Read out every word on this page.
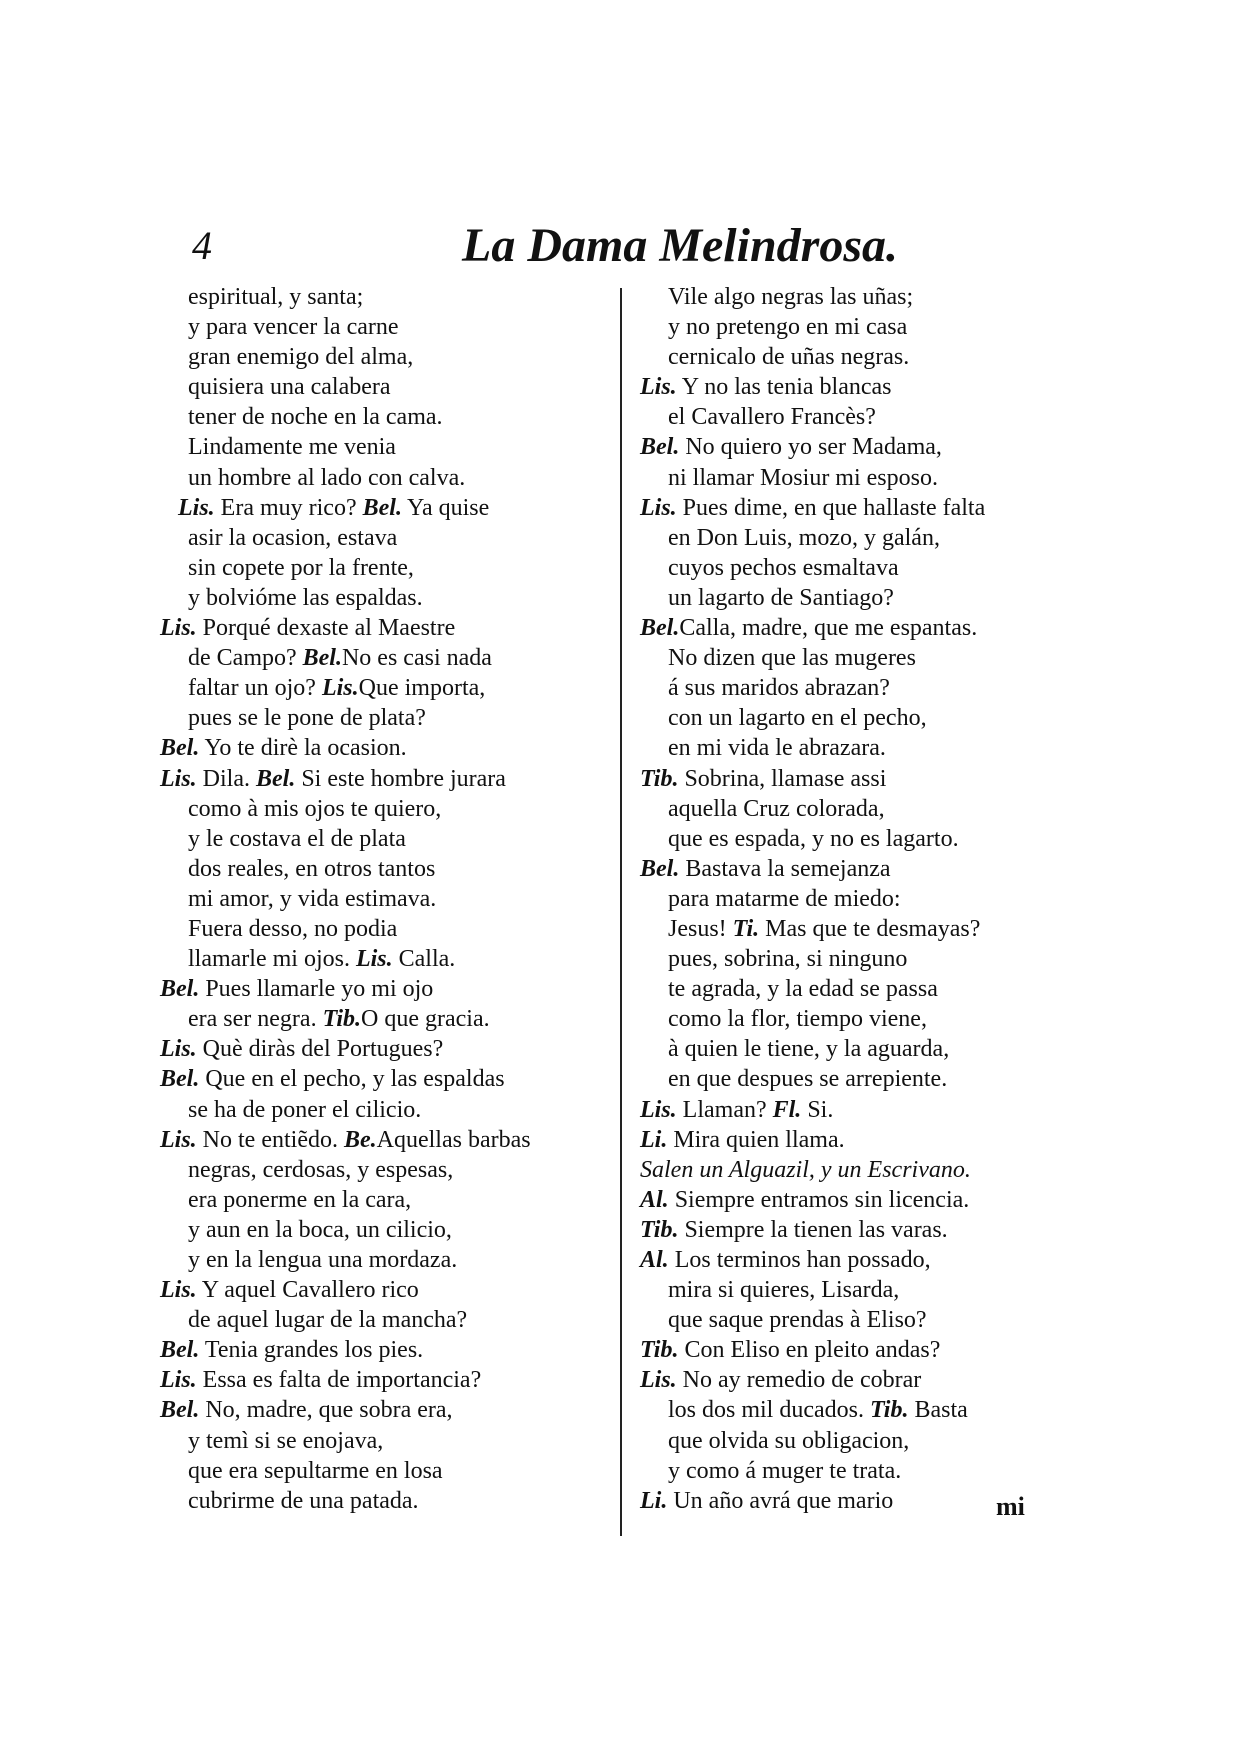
4	La Dama Melindrosa.
espiritual, y santa;
y para vencer la carne
gran enemigo del alma,
quisiera una calabera
tener de noche en la cama.
Lindamente me venia
un hombre al lado con calva.
Lis. Era muy rico? Bel. Ya quise
asir la ocasion, estava
sin copete por la frente,
y bolvióme las espaldas.
Lis. Porqué dexaste al Maestre
de Campo? Bel.No es casi nada
faltar un ojo? Lis.Que importa,
pues se le pone de plata?
Bel. Yo te dirè la ocasion.
Lis. Dila. Bel. Si este hombre jurara
como à mis ojos te quiero,
y le costava el de plata
dos reales, en otros tantos
mi amor, y vida estimava.
Fuera desso, no podia
llamarle mi ojos. Lis. Calla.
Bel. Pues llamarle yo mi ojo
era ser negra. Tib.O que gracia.
Lis. Què diràs del Portugues?
Bel. Que en el pecho, y las espaldas
se ha de poner el cilicio.
Lis. No te entiẽdo. Be.Aquellas barbas
negras, cerdosas, y espesas,
era ponerme en la cara,
y aun en la boca, un cilicio,
y en la lengua una mordaza.
Lis. Y aquel Cavallero rico
de aquel lugar de la mancha?
Bel. Tenia grandes los pies.
Lis. Essa es falta de importancia?
Bel. No, madre, que sobra era,
y temì si se enojava,
que era sepultarme en losa
cubrirme de una patada.
Vile algo negras las uñas;
y no pretengo en mi casa
cernicalo de uñas negras.
Lis. Y no las tenia blancas
el Cavallero Francès?
Bel. No quiero yo ser Madama,
ni llamar Mosiur mi esposo.
Lis. Pues dime, en que hallaste falta
en Don Luis, mozo, y galán,
cuyos pechos esmaltava
un lagarto de Santiago?
Bel.Calla, madre, que me espantas.
No dizen que las mugeres
á sus maridos abrazan?
con un lagarto en el pecho,
en mi vida le abrazara.
Tib. Sobrina, llamase assi
aquella Cruz colorada,
que es espada, y no es lagarto.
Bel. Bastava la semejanza
para matarme de miedo:
Jesus! Ti. Mas que te desmayas?
pues, sobrina, si ninguno
te agrada, y la edad se passa
como la flor, tiempo viene,
à quien le tiene, y la aguarda,
en que despues se arrepiente.
Lis. Llaman? Fl. Si.
Li. Mira quien llama.
Salen un Alguazil, y un Escrivano.
Al. Siempre entramos sin licencia.
Tib. Siempre la tienen las varas.
Al. Los terminos han possado,
mira si quieres, Lisarda,
que saque prendas à Eliso?
Tib. Con Eliso en pleito andas?
Lis. No ay remedio de cobrar
los dos mil ducados. Tib. Basta
que olvida su obligacion,
y como á muger te trata.
Li. Un año avrá que mario	mi
